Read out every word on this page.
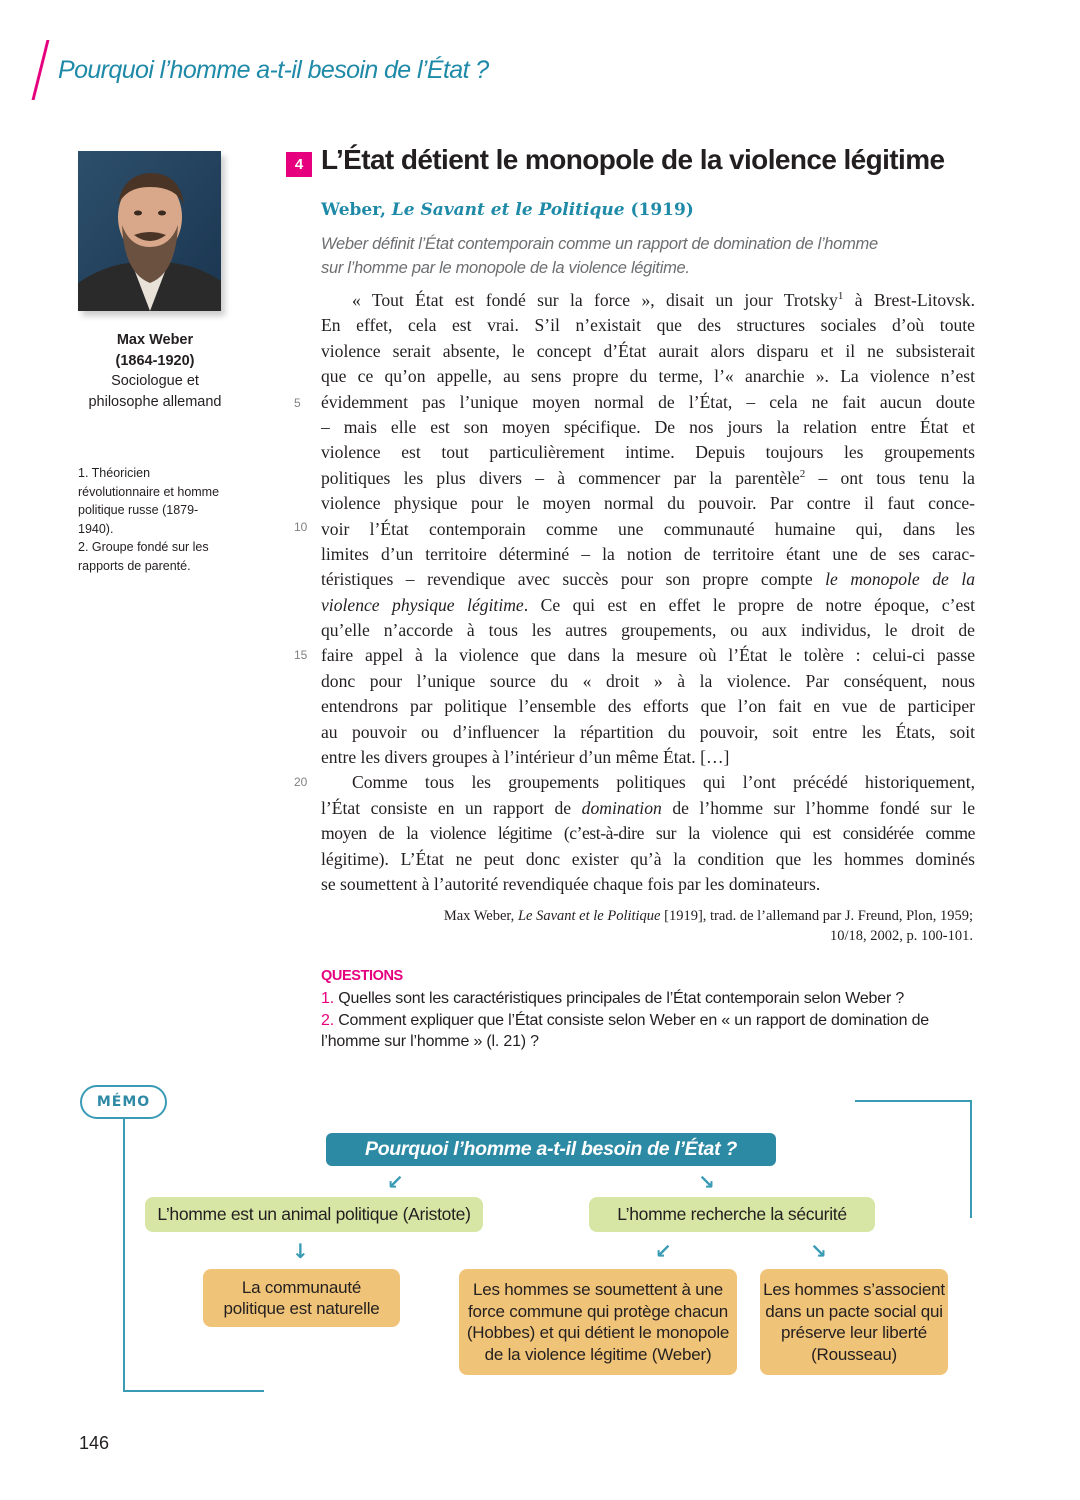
Pourquoi l’homme a-t-il besoin de l’État ?
Max Weber
(1864-1920)
Sociologue et
philosophe allemand
1. Théoricien révolutionnaire et homme politique russe (1879-1940).
2. Groupe fondé sur les rapports de parenté.
4 L’État détient le monopole de la violence légitime
Weber, Le Savant et le Politique (1919)
Weber définit l’État contemporain comme un rapport de domination de l’homme
sur l’homme par le monopole de la violence légitime.
5
10
15
20
« Tout État est fondé sur la force », disait un jour Trotsky$^1$ à Brest-Litovsk.
En effet, cela est vrai. S’il n’existait que des structures sociales d’où toute
violence serait absente, le concept d’État aurait alors disparu et il ne subsisterait
que ce qu’on appelle, au sens propre du terme, l’« anarchie ». La violence n’est
évidemment pas l’unique moyen normal de l’État, – cela ne fait aucun doute
– mais elle est son moyen spécifique. De nos jours la relation entre État et
violence est tout particulièrement intime. Depuis toujours les groupements
politiques les plus divers – à commencer par la parentèle$^2$ – ont tous tenu la
violence physique pour le moyen normal du pouvoir. Par contre il faut conce-
voir l’État contemporain comme une communauté humaine qui, dans les
limites d’un territoire déterminé – la notion de territoire étant une de ses carac-
téristiques – revendique avec succès pour son propre compte le monopole de la
violence physique légitime. Ce qui est en effet le propre de notre époque, c’est
qu’elle n’accorde à tous les autres groupements, ou aux individus, le droit de
faire appel à la violence que dans la mesure où l’État le tolère : celui-ci passe
donc pour l’unique source du « droit » à la violence. Par conséquent, nous
entendrons par politique l’ensemble des efforts que l’on fait en vue de participer
au pouvoir ou d’influencer la répartition du pouvoir, soit entre les États, soit
entre les divers groupes à l’intérieur d’un même État. […]
Comme tous les groupements politiques qui l’ont précédé historiquement,
l’État consiste en un rapport de domination de l’homme sur l’homme fondé sur le
moyen de la violence légitime (c’est-à-dire sur la violence qui est considérée comme
légitime). L’État ne peut donc exister qu’à la condition que les hommes dominés
se soumettent à l’autorité revendiquée chaque fois par les dominateurs.
Max Weber, Le Savant et le Politique [1919], trad. de l’allemand par J. Freund, Plon, 1959;
10/18, 2002, p. 100-101.
QUESTIONS
1. Quelles sont les caractéristiques principales de l’État contemporain selon Weber ?
2. Comment expliquer que l’État consiste selon Weber en « un rapport de domination de
l’homme sur l’homme » (l. 21) ?
MÉMO
Pourquoi l’homme a-t-il besoin de l’État ?
↙	↘
L’homme est un animal politique (Aristote)	L’homme recherche la sécurité
↓	↙	↘
La communauté
politique est naturelle
Les hommes se soumettent à une
force commune qui protège chacun
(Hobbes) et qui détient le monopole
de la violence légitime (Weber)
Les hommes s’associent
dans un pacte social qui
préserve leur liberté
(Rousseau)
146
